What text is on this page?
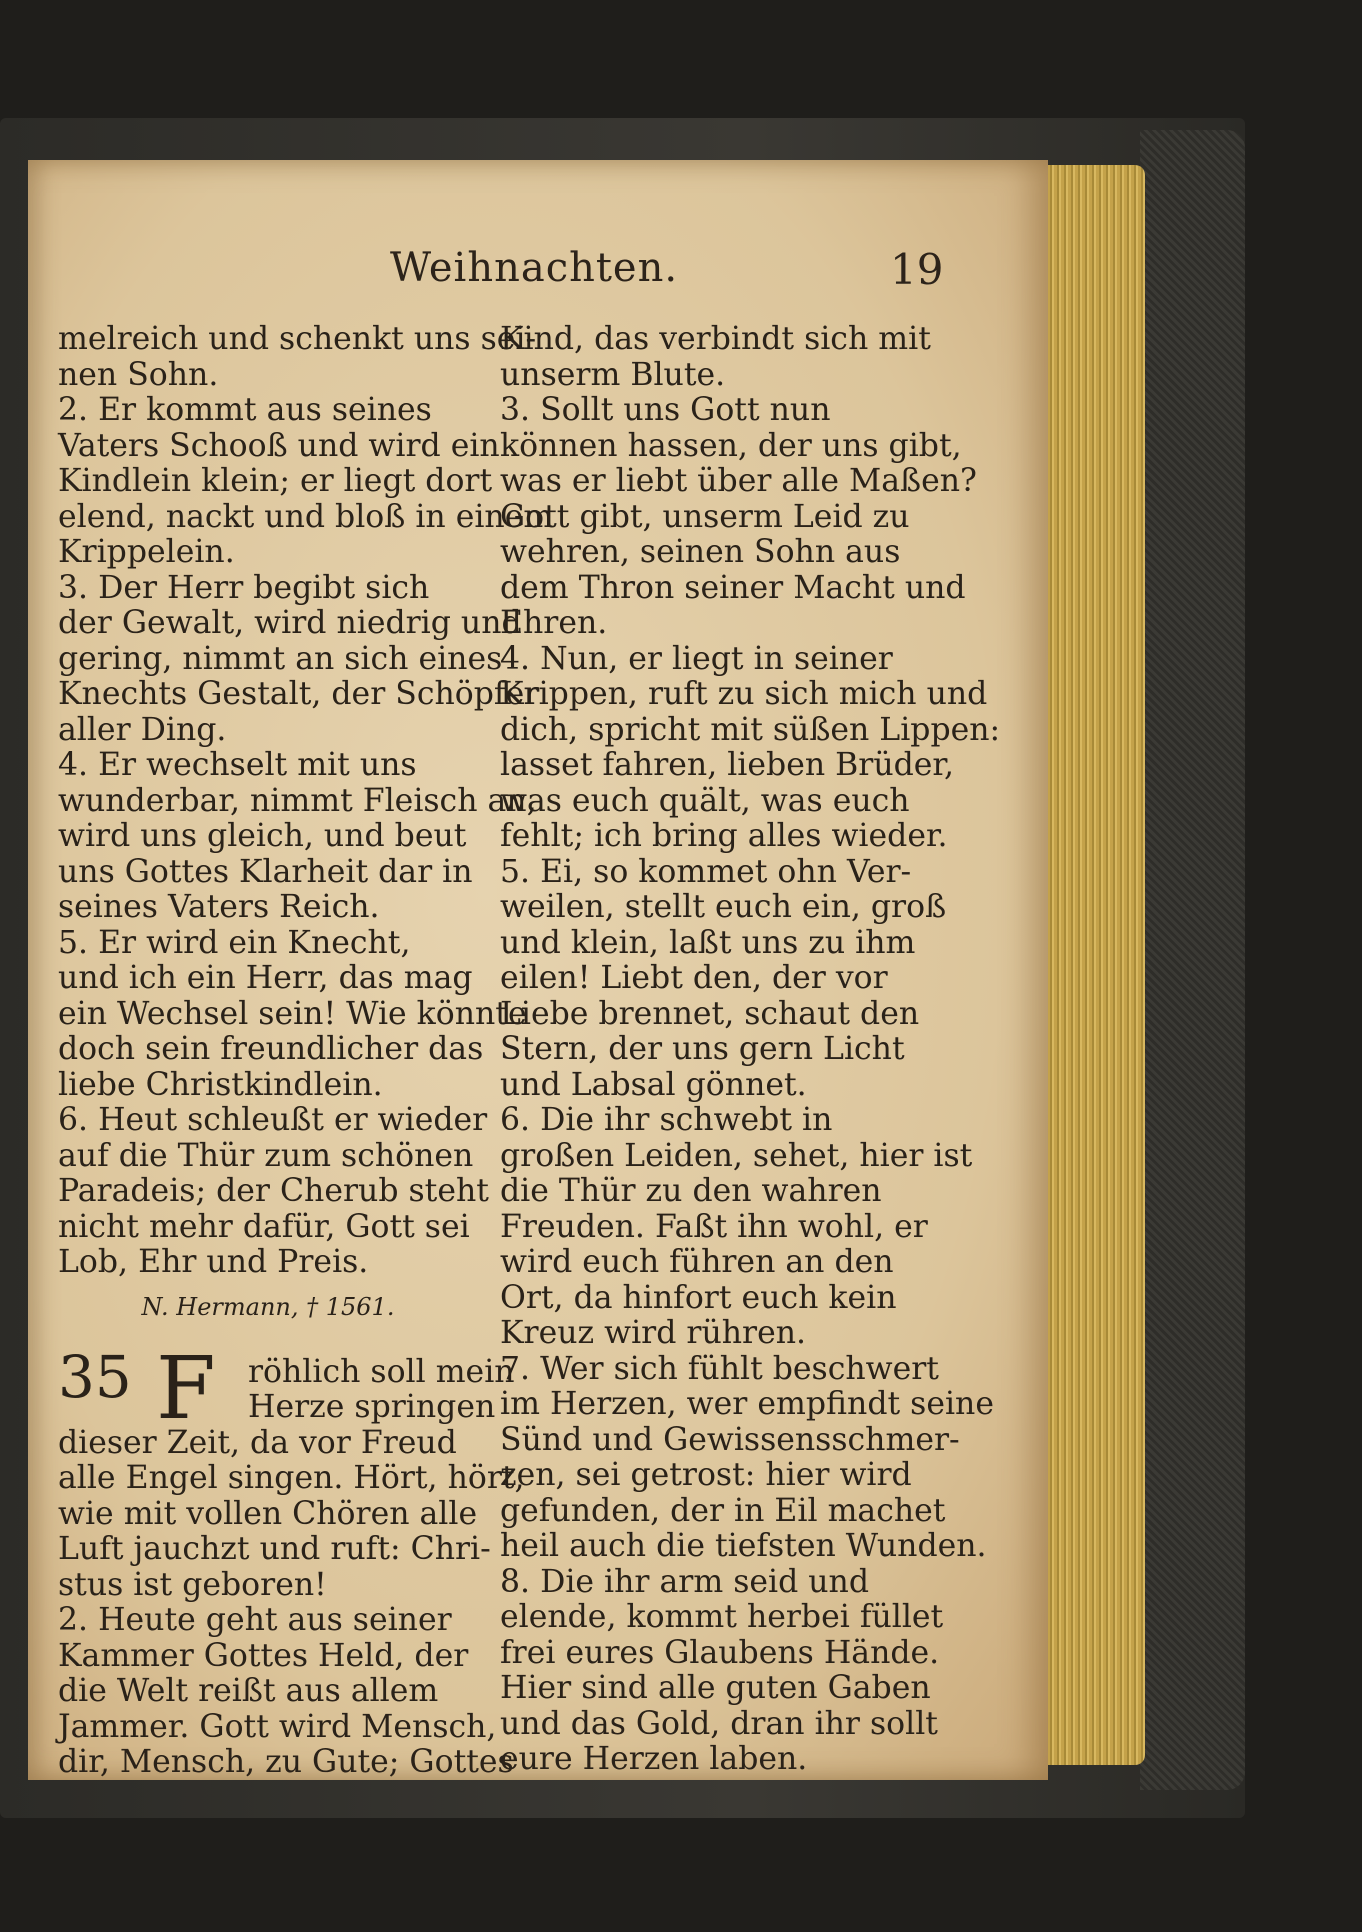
Weihnachten.	19
melreich und schenkt uns sei-
nen Sohn.
2. Er kommt aus seines
Vaters Schooß und wird ein
Kindlein klein; er liegt dort
elend, nackt und bloß in einem
Krippelein.
3. Der Herr begibt sich
der Gewalt, wird niedrig und
gering, nimmt an sich eines
Knechts Gestalt, der Schöpfer
aller Ding.
4. Er wechselt mit uns
wunderbar, nimmt Fleisch an,
wird uns gleich, und beut
uns Gottes Klarheit dar in
seines Vaters Reich.
5. Er wird ein Knecht,
und ich ein Herr, das mag
ein Wechsel sein! Wie könnte
doch sein freundlicher das
liebe Christkindlein.
6. Heut schleußt er wieder
auf die Thür zum schönen
Paradeis; der Cherub steht
nicht mehr dafür, Gott sei
Lob, Ehr und Preis.
N. Hermann, † 1561.
35 F röhlich soll mein
Herze springen
dieser Zeit, da vor Freud
alle Engel singen. Hört, hört,
wie mit vollen Chören alle
Luft jauchzt und ruft: Chri-
stus ist geboren!
2. Heute geht aus seiner
Kammer Gottes Held, der
die Welt reißt aus allem
Jammer. Gott wird Mensch,
dir, Mensch, zu Gute; Gottes
Kind, das verbindt sich mit
unserm Blute.
3. Sollt uns Gott nun
können hassen, der uns gibt,
was er liebt über alle Maßen?
Gott gibt, unserm Leid zu
wehren, seinen Sohn aus
dem Thron seiner Macht und
Ehren.
4. Nun, er liegt in seiner
Krippen, ruft zu sich mich und
dich, spricht mit süßen Lippen:
lasset fahren, lieben Brüder,
was euch quält, was euch
fehlt; ich bring alles wieder.
5. Ei, so kommet ohn Ver-
weilen, stellt euch ein, groß
und klein, laßt uns zu ihm
eilen! Liebt den, der vor
Liebe brennet, schaut den
Stern, der uns gern Licht
und Labsal gönnet.
6. Die ihr schwebt in
großen Leiden, sehet, hier ist
die Thür zu den wahren
Freuden. Faßt ihn wohl, er
wird euch führen an den
Ort, da hinfort euch kein
Kreuz wird rühren.
7. Wer sich fühlt beschwert
im Herzen, wer empfindt seine
Sünd und Gewissensschmer-
zen, sei getrost: hier wird
gefunden, der in Eil machet
heil auch die tiefsten Wunden.
8. Die ihr arm seid und
elende, kommt herbei füllet
frei eures Glaubens Hände.
Hier sind alle guten Gaben
und das Gold, dran ihr sollt
eure Herzen laben.
